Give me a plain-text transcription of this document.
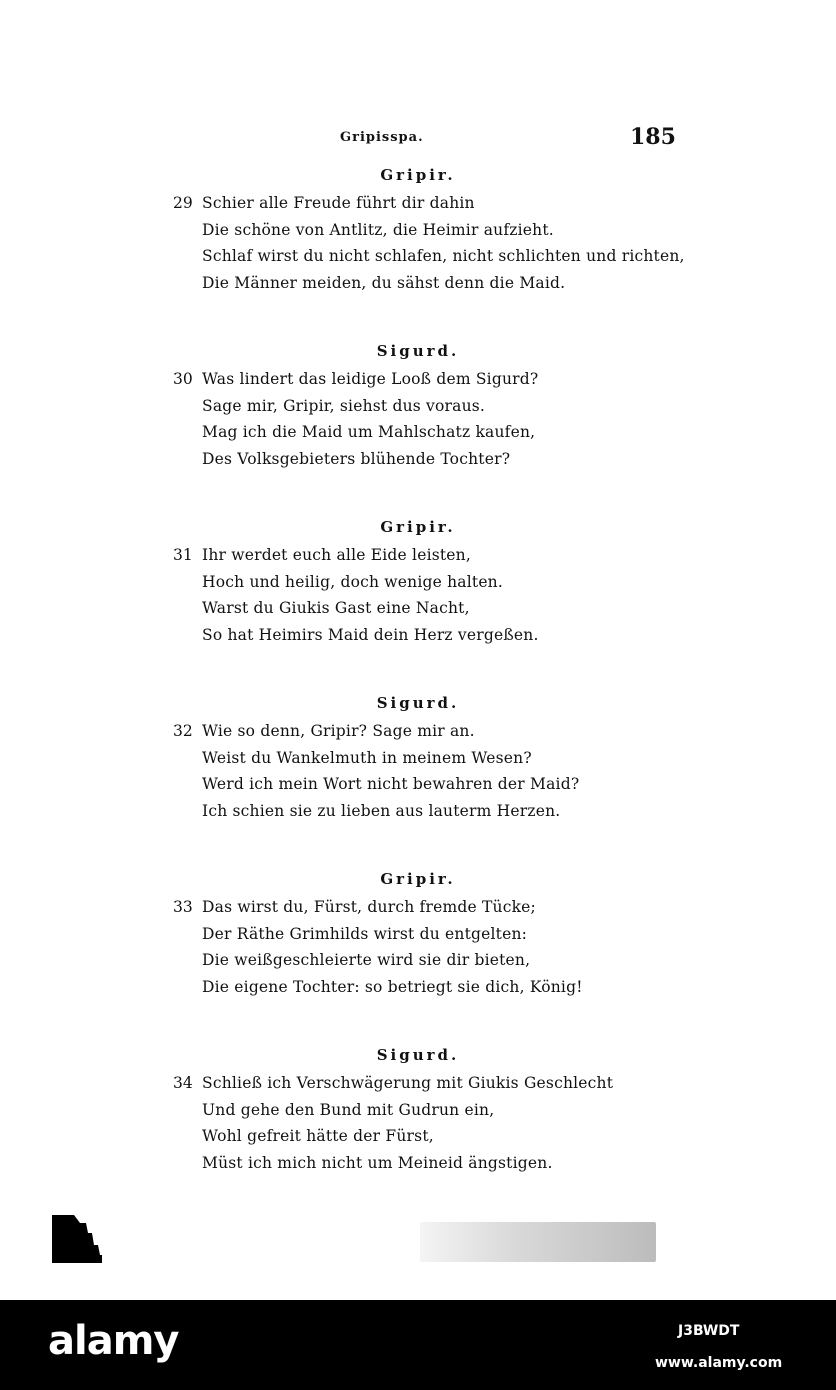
Gripisspa.	185
Gripir.
29 Schier alle Freude führt dir dahin
Die schöne von Antlitz, die Heimir aufzieht.
Schlaf wirst du nicht schlafen, nicht schlichten und richten,
Die Männer meiden, du sähst denn die Maid.
Sigurd.
30 Was lindert das leidige Looß dem Sigurd?
Sage mir, Gripir, siehst dus voraus.
Mag ich die Maid um Mahlschatz kaufen,
Des Volksgebieters blühende Tochter?
Gripir.
31 Ihr werdet euch alle Eide leisten,
Hoch und heilig, doch wenige halten.
Warst du Giukis Gast eine Nacht,
So hat Heimirs Maid dein Herz vergeßen.
Sigurd.
32 Wie so denn, Gripir? Sage mir an.
Weist du Wankelmuth in meinem Wesen?
Werd ich mein Wort nicht bewahren der Maid?
Ich schien sie zu lieben aus lauterm Herzen.
Gripir.
33 Das wirst du, Fürst, durch fremde Tücke;
Der Räthe Grimhilds wirst du entgelten:
Die weißgeschleierte wird sie dir bieten,
Die eigene Tochter: so betriegt sie dich, König!
Sigurd.
34 Schließ ich Verschwägerung mit Giukis Geschlecht
Und gehe den Bund mit Gudrun ein,
Wohl gefreit hätte der Fürst,
Müst ich mich nicht um Meineid ängstigen.
alamy	J3BWDT
www.alamy.com
